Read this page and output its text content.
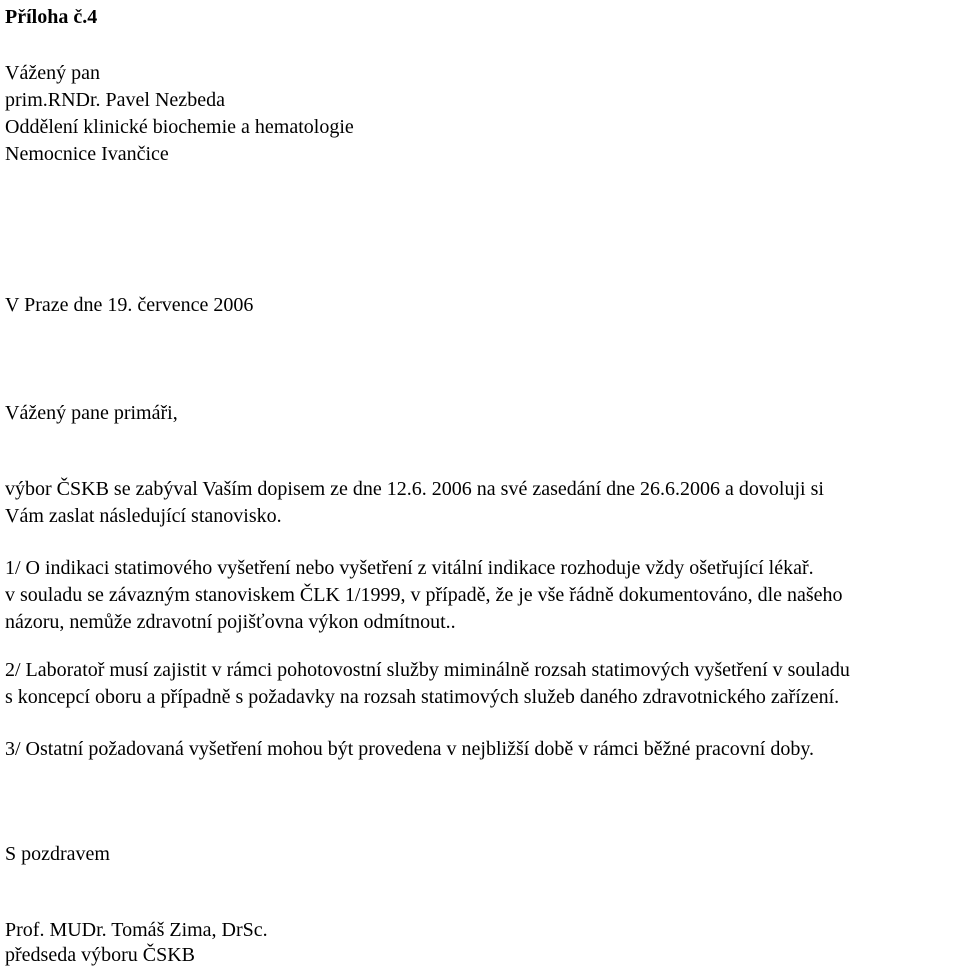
Příloha č.4
Vážený pan
prim.RNDr. Pavel Nezbeda
Oddělení klinické biochemie a hematologie
Nemocnice Ivančice
V Praze dne 19. července 2006
Vážený pane primáři,
výbor ČSKB se zabýval Vaším dopisem ze dne 12.6. 2006 na své zasedání dne 26.6.2006 a dovoluji si
Vám zaslat následující stanovisko.
1/ O indikaci statimového vyšetření nebo vyšetření z vitální indikace rozhoduje vždy ošetřující lékař.
v souladu se závazným stanoviskem ČLK 1/1999, v případě, že je vše řádně dokumentováno, dle našeho
názoru, nemůže zdravotní pojišťovna výkon odmítnout..
2/ Laboratoř musí zajistit v rámci pohotovostní služby miminálně rozsah statimových vyšetření v souladu
s koncepcí oboru a případně s požadavky na rozsah statimových služeb daného zdravotnického zařízení.
3/ Ostatní požadovaná vyšetření mohou být provedena v nejbližší době v rámci běžné pracovní doby.
S pozdravem
Prof. MUDr. Tomáš Zima, DrSc.
předseda výboru ČSKB
